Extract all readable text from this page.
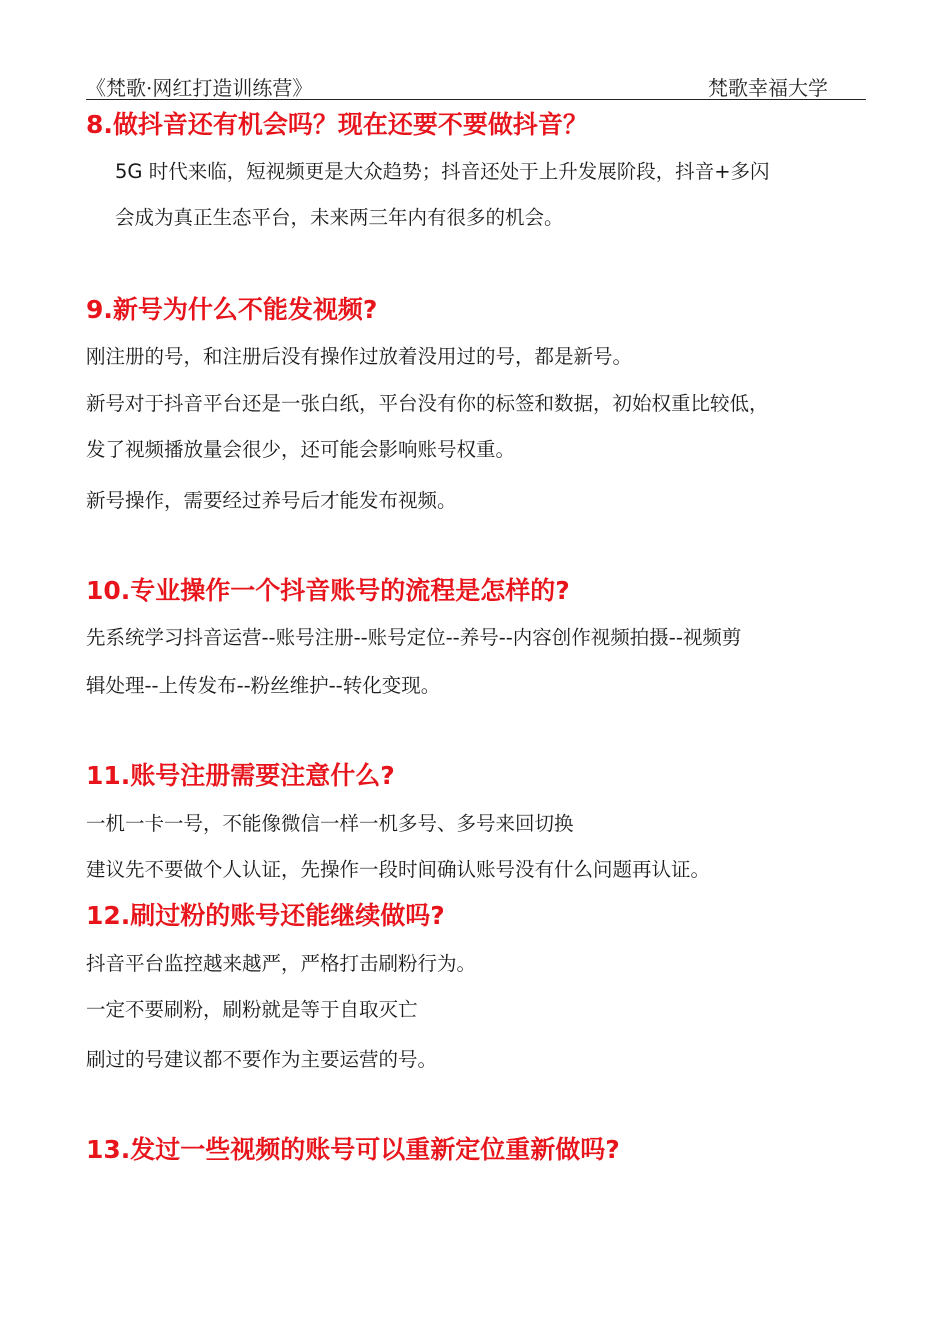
《梵歌·网红打造训练营》	梵歌幸福大学
8.做抖音还有机会吗？现在还要不要做抖音？

5G 时代来临，短视频更是大众趋势；抖音还处于上升发展阶段，抖音+多闪

会成为真正生态平台，未来两三年内有很多的机会。

9.新号为什么不能发视频?

刚注册的号，和注册后没有操作过放着没用过的号，都是新号。

新号对于抖音平台还是一张白纸，平台没有你的标签和数据，初始权重比较低，

发了视频播放量会很少，还可能会影响账号权重。

新号操作，需要经过养号后才能发布视频。

10.专业操作一个抖音账号的流程是怎样的?

先系统学习抖音运营--账号注册--账号定位--养号--内容创作视频拍摄--视频剪

辑处理--上传发布--粉丝维护--转化变现。

11.账号注册需要注意什么?

一机一卡一号，不能像微信一样一机多号、多号来回切换

建议先不要做个人认证，先操作一段时间确认账号没有什么问题再认证。

12.刷过粉的账号还能继续做吗?

抖音平台监控越来越严，严格打击刷粉行为。

一定不要刷粉，刷粉就是等于自取灭亡

刷过的号建议都不要作为主要运营的号。

13.发过一些视频的账号可以重新定位重新做吗?
